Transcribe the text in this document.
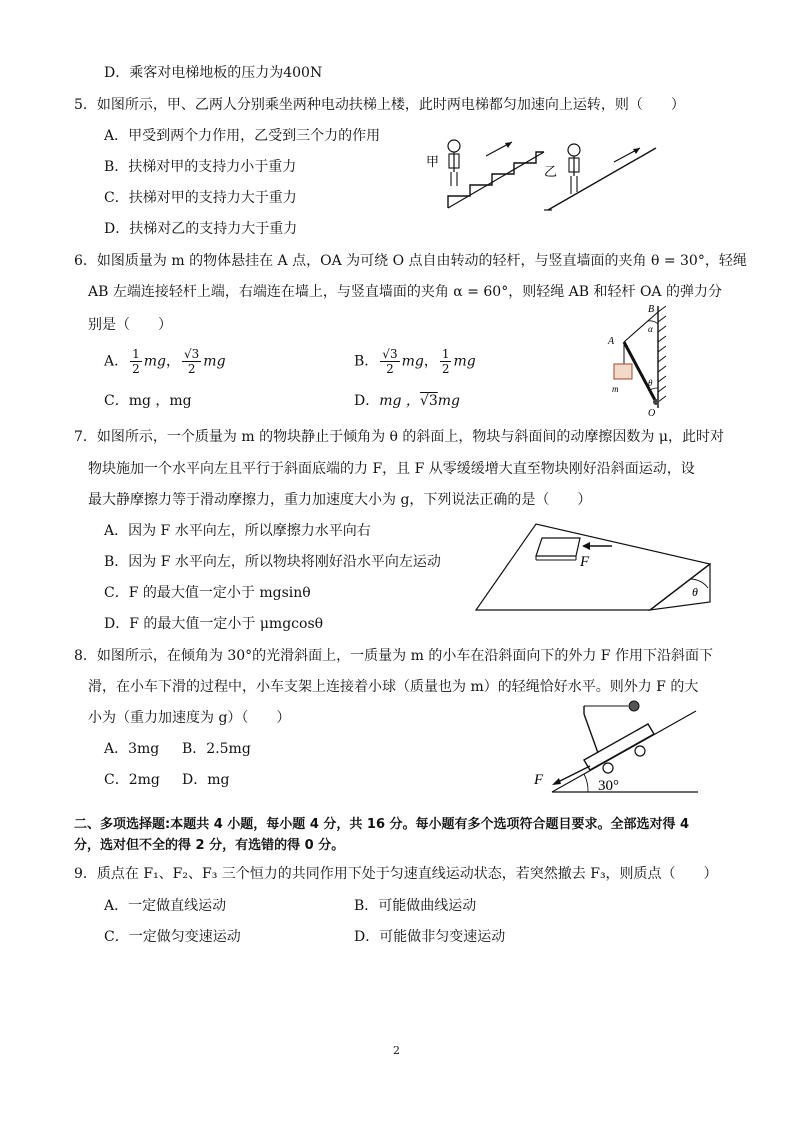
D．乘客对电梯地板的压力为400N
5．如图所示，甲、乙两人分别乘坐两种电动扶梯上楼，此时两电梯都匀加速向上运转，则（　　）
A．甲受到两个力作用，乙受到三个力的作用
B．扶梯对甲的支持力小于重力
C．扶梯对甲的支持力大于重力
D．扶梯对乙的支持力大于重力
甲
乙
6．如图质量为 m 的物体悬挂在 A 点，OA 为可绕 O 点自由转动的轻杆，与竖直墙面的夹角 θ = 30°，轻绳
AB 左端连接轻杆上端，右端连在墙上，与竖直墙面的夹角 α = 60°，则轻绳 AB 和轻杆 OA 的弹力分
别是（　　）
A． $\frac{1}{2}$ mg， $\frac{√3}{2}$ mg	B． $\frac{√3}{2}$ mg， $\frac{1}{2}$ mg
C．mg ，mg	D．mg ，√3mg
B
A
α
m
θ
O
7．如图所示，一个质量为 m 的物块静止于倾角为 θ 的斜面上，物块与斜面间的动摩擦因数为 μ，此时对
物块施加一个水平向左且平行于斜面底端的力 F，且 F 从零缓缓增大直至物块刚好沿斜面运动，设
最大静摩擦力等于滑动摩擦力，重力加速度大小为 g，下列说法正确的是（　　）
A．因为 F 水平向左，所以摩擦力水平向右
B．因为 F 水平向左，所以物块将刚好沿水平向左运动
C．F 的最大值一定小于 mgsinθ
D．F 的最大值一定小于 μmgcosθ
F
θ
8．如图所示，在倾角为 30°的光滑斜面上，一质量为 m 的小车在沿斜面向下的外力 F 作用下沿斜面下
滑，在小车下滑的过程中，小车支架上连接着小球（质量也为 m）的轻绳恰好水平。则外力 F 的大
小为（重力加速度为 g）（　　）
A．3mg B．2.5mg
C．2mg D．mg	F	30°
二、多项选择题:本题共 4 小题，每小题 4 分，共 16 分。每小题有多个选项符合题目要求。全部选对得 4
分，选对但不全的得 2 分，有选错的得 0 分。
9．质点在 F₁、F₂、F₃ 三个恒力的共同作用下处于匀速直线运动状态，若突然撤去 F₃，则质点（　　）
A．一定做直线运动	B．可能做曲线运动
C．一定做匀变速运动	D．可能做非匀变速运动
2
